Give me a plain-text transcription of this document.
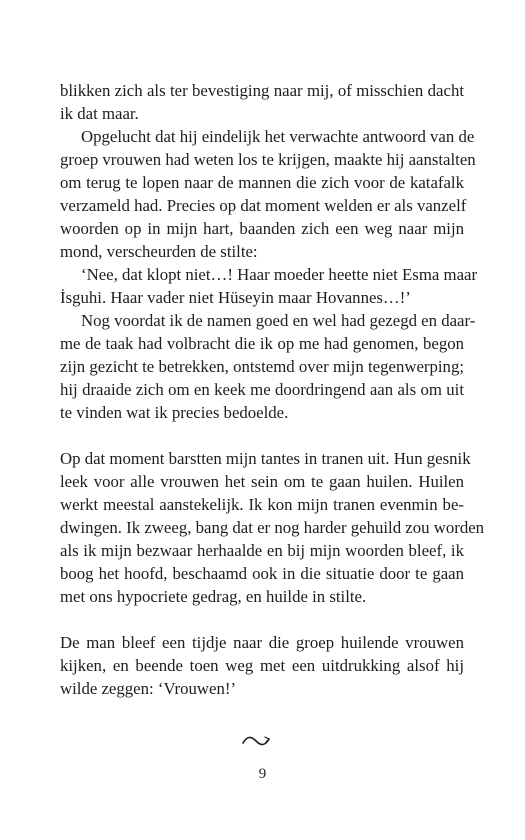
blikken zich als ter bevestiging naar mij, of misschien dacht
ik dat maar.
Opgelucht dat hij eindelijk het verwachte antwoord van de
groep vrouwen had weten los te krijgen, maakte hij aanstalten
om terug te lopen naar de mannen die zich voor de katafalk
verzameld had. Precies op dat moment welden er als vanzelf
woorden op in mijn hart, baanden zich een weg naar mijn
mond, verscheurden de stilte:
‘Nee, dat klopt niet…! Haar moeder heette niet Esma maar
İsguhi. Haar vader niet Hüseyin maar Hovannes…!’
Nog voordat ik de namen goed en wel had gezegd en daar-
me de taak had volbracht die ik op me had genomen, begon
zijn gezicht te betrekken, ontstemd over mijn tegenwerping;
hij draaide zich om en keek me doordringend aan als om uit
te vinden wat ik precies bedoelde.
Op dat moment barstten mijn tantes in tranen uit. Hun gesnik
leek voor alle vrouwen het sein om te gaan huilen. Huilen
werkt meestal aanstekelijk. Ik kon mijn tranen evenmin be-
dwingen. Ik zweeg, bang dat er nog harder gehuild zou worden
als ik mijn bezwaar herhaalde en bij mijn woorden bleef, ik
boog het hoofd, beschaamd ook in die situatie door te gaan
met ons hypocriete gedrag, en huilde in stilte.
De man bleef een tijdje naar die groep huilende vrouwen
kijken, en beende toen weg met een uitdrukking alsof hij
wilde zeggen: ‘Vrouwen!’
9
